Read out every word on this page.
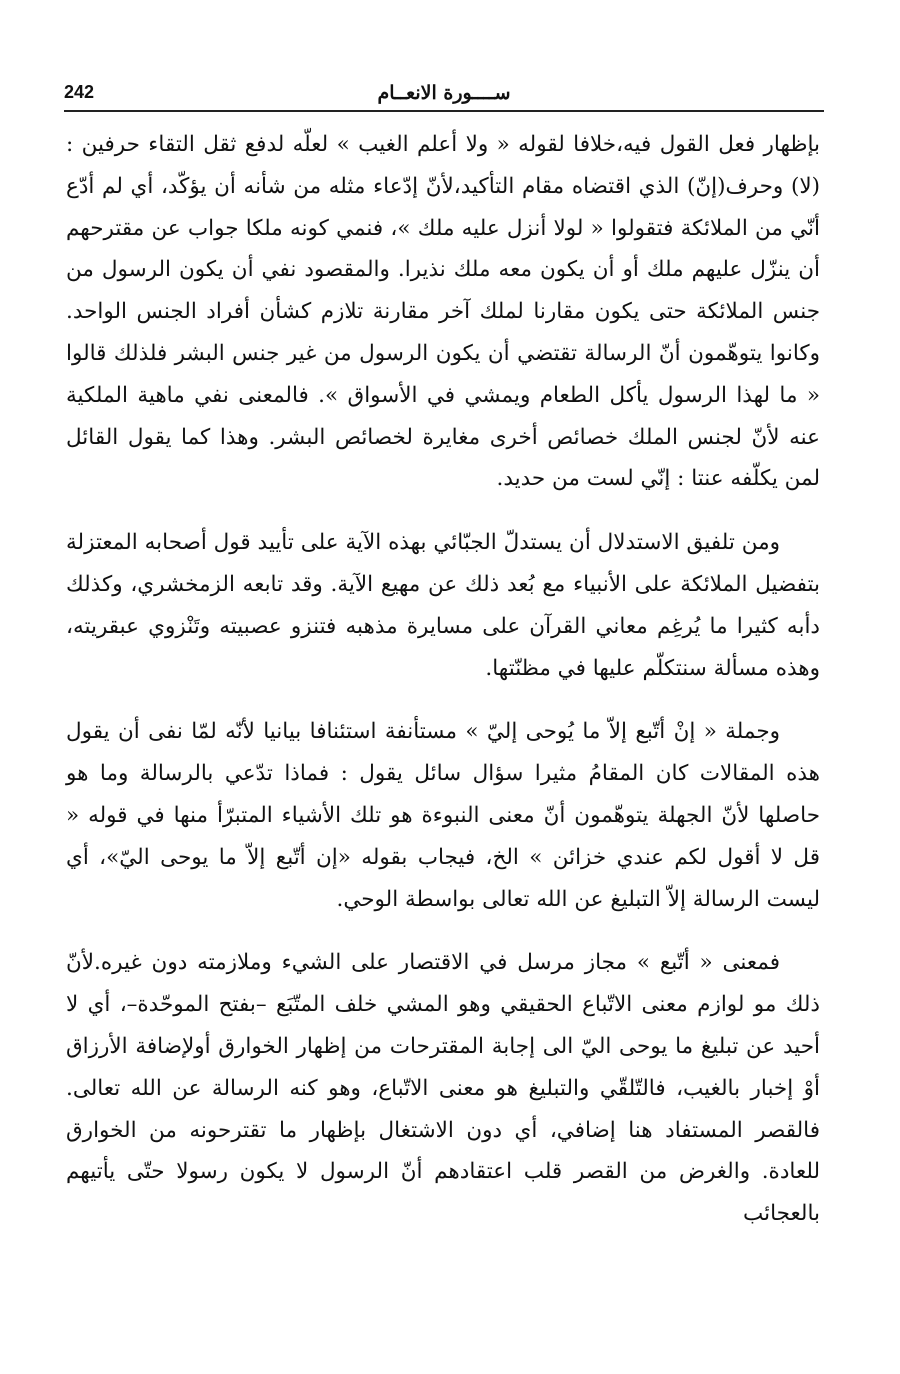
242	ســــورة الانعــام

بإظهار فعل القول فيه،خلافا لقوله « ولا أعلم الغيب » لعلّه لدفع ثقل التقاء حرفين : (لا) وحرف(إنّ) الذي اقتضاه مقام التأكيد،لأنّ إدّعاء مثله من شأنه أن يؤكّد، أي لم أدّع أنّي من الملائكة فتقولوا « لولا أنزل عليه ملك »، فنمي كونه ملكا جواب عن مقترحهم أن ينزّل عليهم ملك أو أن يكون معه ملك نذيرا. والمقصود نفي أن يكون الرسول من جنس الملائكة حتى يكون مقارنا لملك آخر مقارنة تلازم كشأن أفراد الجنس الواحد. وكانوا يتوهّمون أنّ الرسالة تقتضي أن يكون الرسول من غير جنس البشر فلذلك قالوا « ما لهذا الرسول يأكل الطعام ويمشي في الأسواق ». فالمعنى نفي ماهية الملكية عنه لأنّ لجنس الملك خصائص أخرى مغايرة لخصائص البشر. وهذا كما يقول القائل لمن يكلّفه عنتا : إنّي لست من حديد.

ومن تلفيق الاستدلال أن يستدلّ الجبّائي بهذه الآية على تأييد قول أصحابه المعتزلة بتفضيل الملائكة على الأنبياء مع بُعد ذلك عن مهيع الآية. وقد تابعه الزمخشري، وكذلك دأبه كثيرا ما يُرغِم معاني القرآن على مسايرة مذهبه فتنزو عصبيته وتَنْزوي عبقريته، وهذه مسألة سنتكلّم عليها في مظنّتها.

وجملة « إنْ أتّبع إلاّ ما يُوحى إليّ » مستأنفة استئنافا بيانيا لأنّه لمّا نفى أن يقول هذه المقالات كان المقامُ مثيرا سؤال سائل يقول : فماذا تدّعي بالرسالة وما هو حاصلها لأنّ الجهلة يتوهّمون أنّ معنى النبوءة هو تلك الأشياء المتبرّأ منها في قوله « قل لا أقول لكم عندي خزائن » الخ، فيجاب بقوله «إن أتّبع إلاّ ما يوحى اليّ»، أي ليست الرسالة إلاّ التبليغ عن الله تعالى بواسطة الوحي.

فمعنى « أتّبع » مجاز مرسل في الاقتصار على الشيء وملازمته دون غيره.لأنّ ذلك مو لوازم معنى الاتّباع الحقيقي وهو المشي خلف المتّبَع –بفتح الموحّدة–، أي لا أحيد عن تبليغ ما يوحى اليّ الى إجابة المقترحات من إظهار الخوارق أولإضافة الأرزاق أوْ إخبار بالغيب، فالتّلقّي والتبليغ هو معنى الاتّباع، وهو كنه الرسالة عن الله تعالى. فالقصر المستفاد هنا إضافي، أي دون الاشتغال بإظهار ما تقترحونه من الخوارق للعادة. والغرض من القصر قلب اعتقادهم أنّ الرسول لا يكون رسولا حتّى يأتيهم بالعجائب
